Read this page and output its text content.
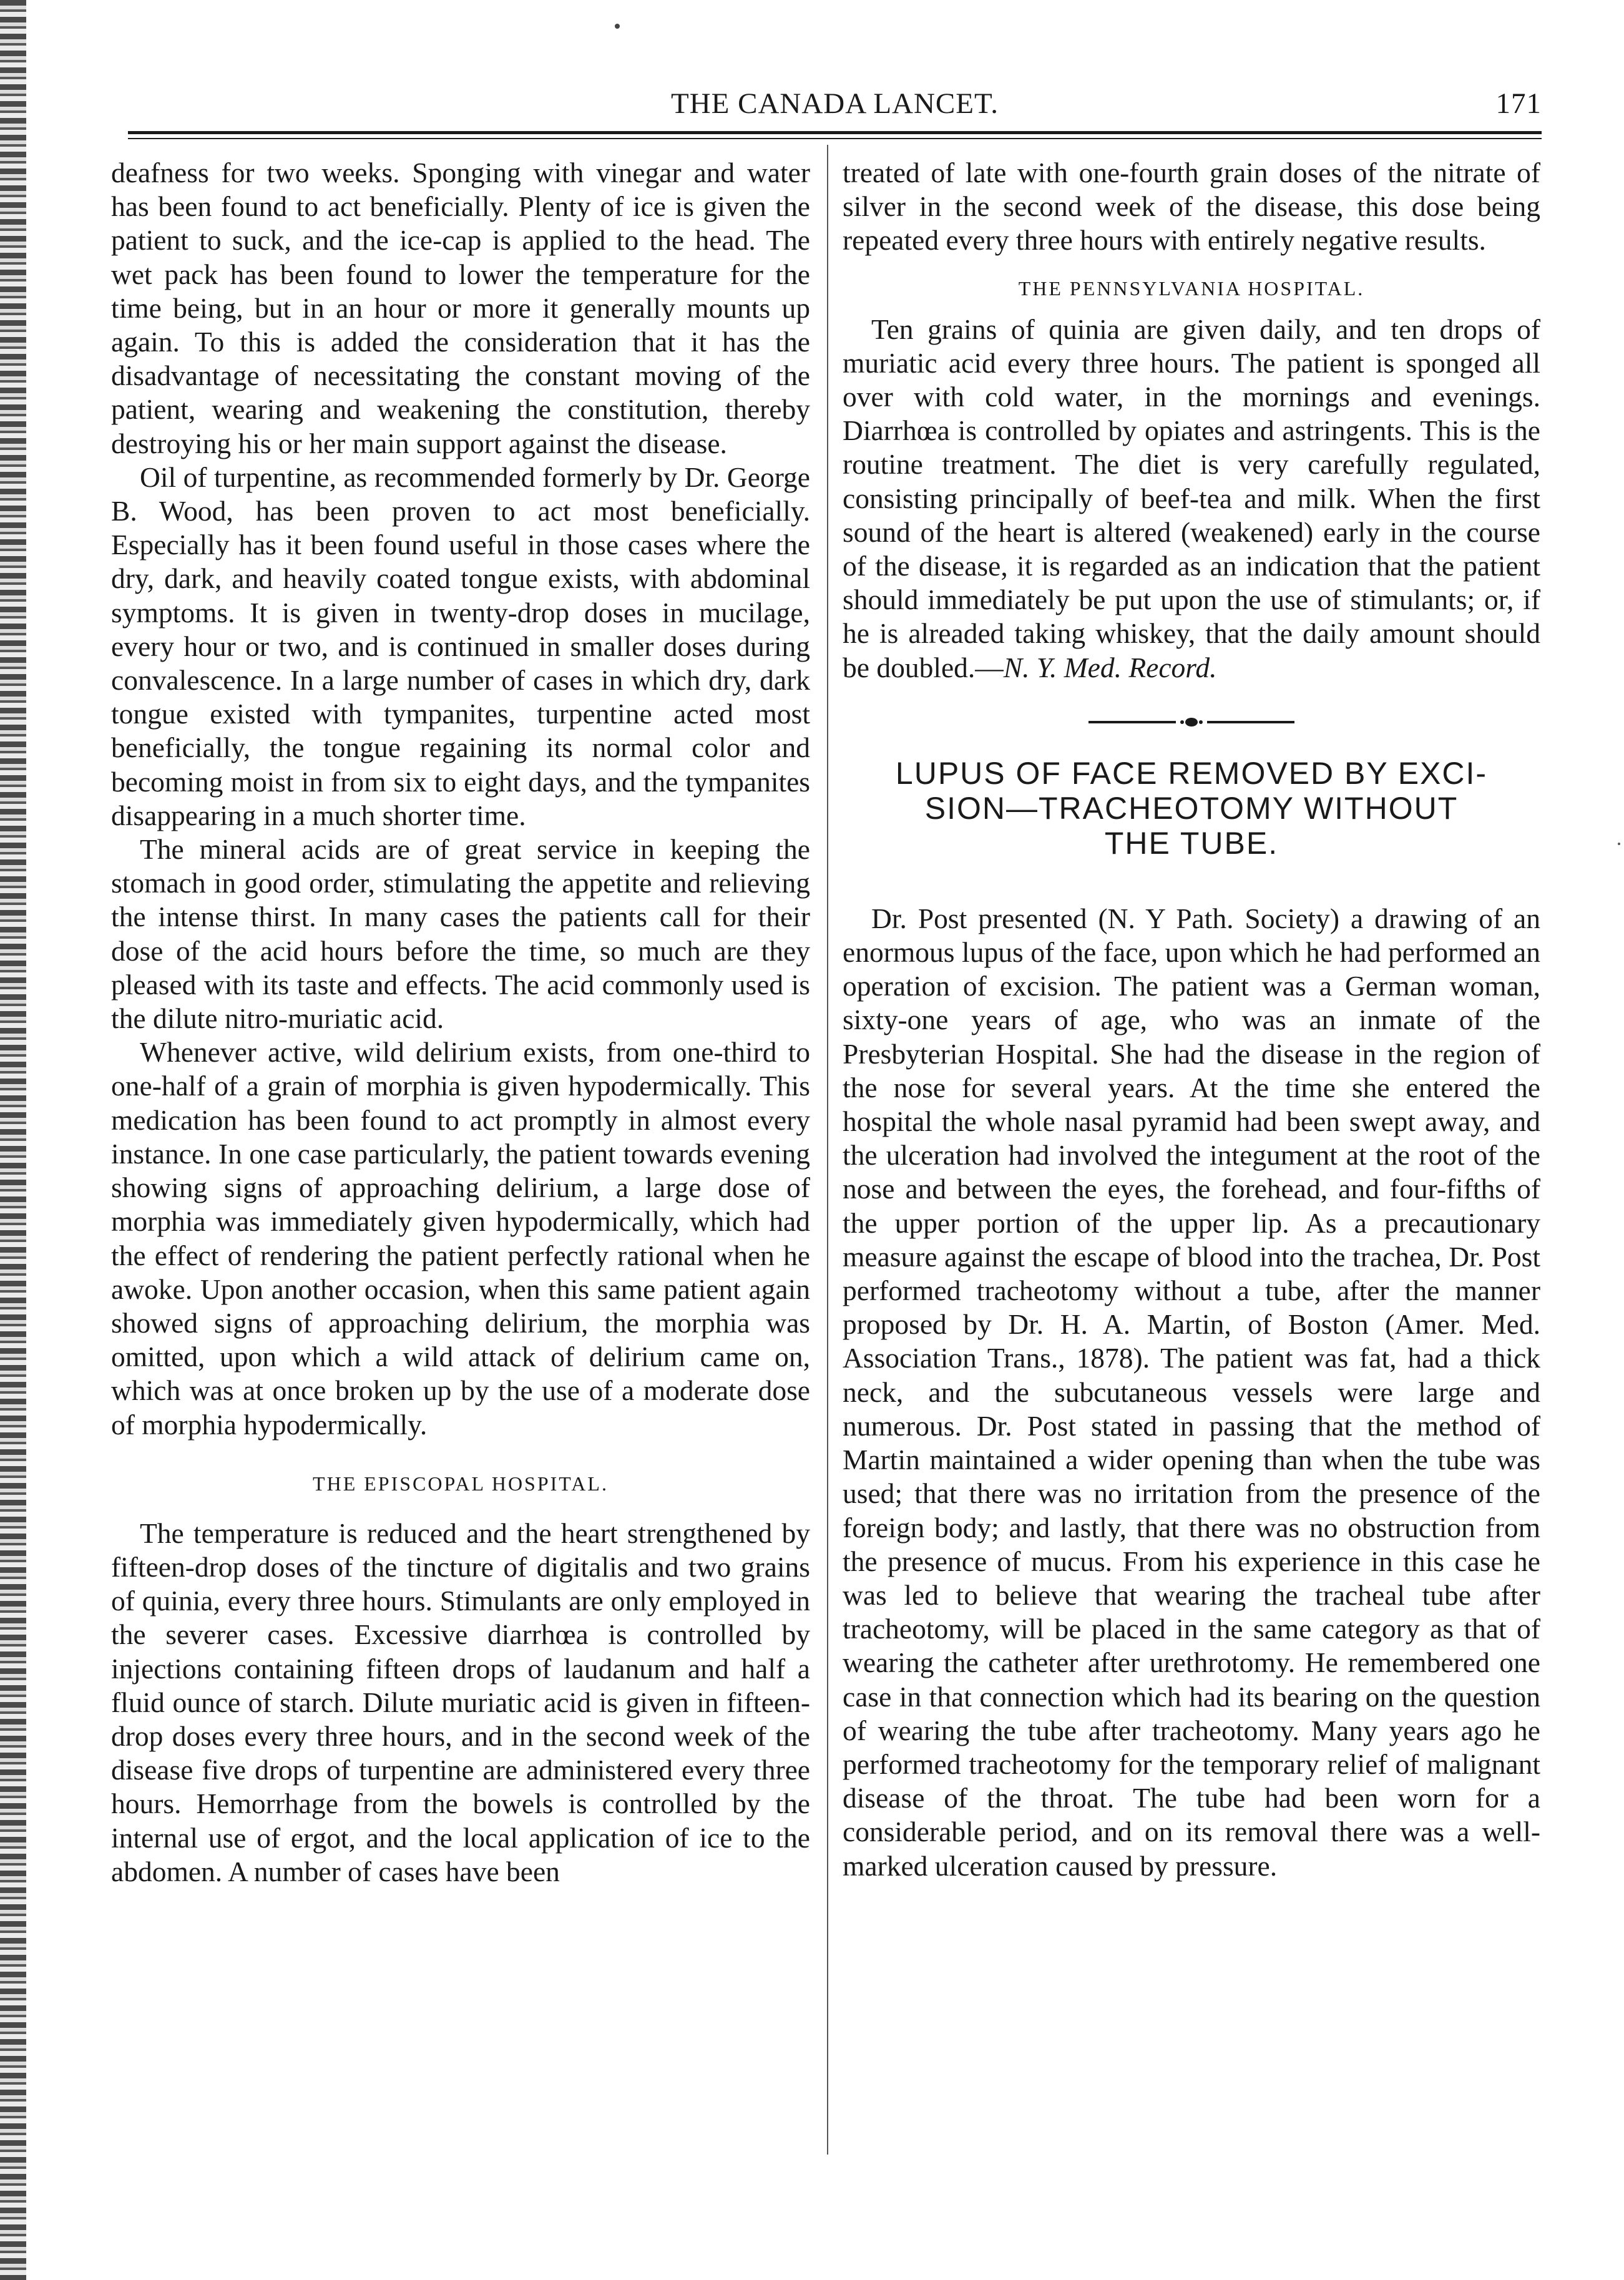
THE CANADA LANCET.	171

deafness for two weeks. Sponging with vinegar and water has been found to act beneficially. Plenty of ice is given the patient to suck, and the ice-cap is applied to the head. The wet pack has been found to lower the temperature for the time being, but in an hour or more it generally mounts up again. To this is added the consideration that it has the disadvantage of necessitating the constant moving of the patient, wearing and weakening the constitution, thereby destroying his or her main support against the disease.

Oil of turpentine, as recommended formerly by Dr. George B. Wood, has been proven to act most beneficially. Especially has it been found useful in those cases where the dry, dark, and heavily coated tongue exists, with abdominal symptoms. It is given in twenty-drop doses in mucilage, every hour or two, and is continued in smaller doses during convalescence. In a large number of cases in which dry, dark tongue existed with tympanites, turpentine acted most beneficially, the tongue regaining its normal color and becoming moist in from six to eight days, and the tympanites disappearing in a much shorter time.

The mineral acids are of great service in keeping the stomach in good order, stimulating the appetite and relieving the intense thirst. In many cases the patients call for their dose of the acid hours before the time, so much are they pleased with its taste and effects. The acid commonly used is the dilute nitro-muriatic acid.

Whenever active, wild delirium exists, from one-third to one-half of a grain of morphia is given hypodermically. This medication has been found to act promptly in almost every instance. In one case particularly, the patient towards evening showing signs of approaching delirium, a large dose of morphia was immediately given hypodermically, which had the effect of rendering the patient perfectly rational when he awoke. Upon another occasion, when this same patient again showed signs of approaching delirium, the morphia was omitted, upon which a wild attack of delirium came on, which was at once broken up by the use of a moderate dose of morphia hypodermically.

THE EPISCOPAL HOSPITAL.

The temperature is reduced and the heart strengthened by fifteen-drop doses of the tincture of digitalis and two grains of quinia, every three hours. Stimulants are only employed in the severer cases. Excessive diarrhœa is controlled by injections containing fifteen drops of laudanum and half a fluid ounce of starch. Dilute muriatic acid is given in fifteen-drop doses every three hours, and in the second week of the disease five drops of turpentine are administered every three hours. Hemorrhage from the bowels is controlled by the internal use of ergot, and the local application of ice to the abdomen. A number of cases have been

treated of late with one-fourth grain doses of the nitrate of silver in the second week of the disease, this dose being repeated every three hours with entirely negative results.

THE PENNSYLVANIA HOSPITAL.

Ten grains of quinia are given daily, and ten drops of muriatic acid every three hours. The patient is sponged all over with cold water, in the mornings and evenings. Diarrhœa is controlled by opiates and astringents. This is the routine treatment. The diet is very carefully regulated, consisting principally of beef-tea and milk. When the first sound of the heart is altered (weakened) early in the course of the disease, it is regarded as an indication that the patient should immediately be put upon the use of stimulants; or, if he is alreaded taking whiskey, that the daily amount should be doubled.—N. Y. Med. Record.

LUPUS OF FACE REMOVED BY EXCI-
SION—TRACHEOTOMY WITHOUT
THE TUBE.

Dr. Post presented (N. Y Path. Society) a drawing of an enormous lupus of the face, upon which he had performed an operation of excision. The patient was a German woman, sixty-one years of age, who was an inmate of the Presbyterian Hospital. She had the disease in the region of the nose for several years. At the time she entered the hospital the whole nasal pyramid had been swept away, and the ulceration had involved the integument at the root of the nose and between the eyes, the forehead, and four-fifths of the upper portion of the upper lip. As a precautionary measure against the escape of blood into the trachea, Dr. Post performed tracheotomy without a tube, after the manner proposed by Dr. H. A. Martin, of Boston (Amer. Med. Association Trans., 1878). The patient was fat, had a thick neck, and the subcutaneous vessels were large and numerous. Dr. Post stated in passing that the method of Martin maintained a wider opening than when the tube was used; that there was no irritation from the presence of the foreign body; and lastly, that there was no obstruction from the presence of mucus. From his experience in this case he was led to believe that wearing the tracheal tube after tracheotomy, will be placed in the same category as that of wearing the catheter after urethrotomy. He remembered one case in that connection which had its bearing on the question of wearing the tube after tracheotomy. Many years ago he performed tracheotomy for the temporary relief of malignant disease of the throat. The tube had been worn for a considerable period, and on its removal there was a well-marked ulceration caused by pressure.
